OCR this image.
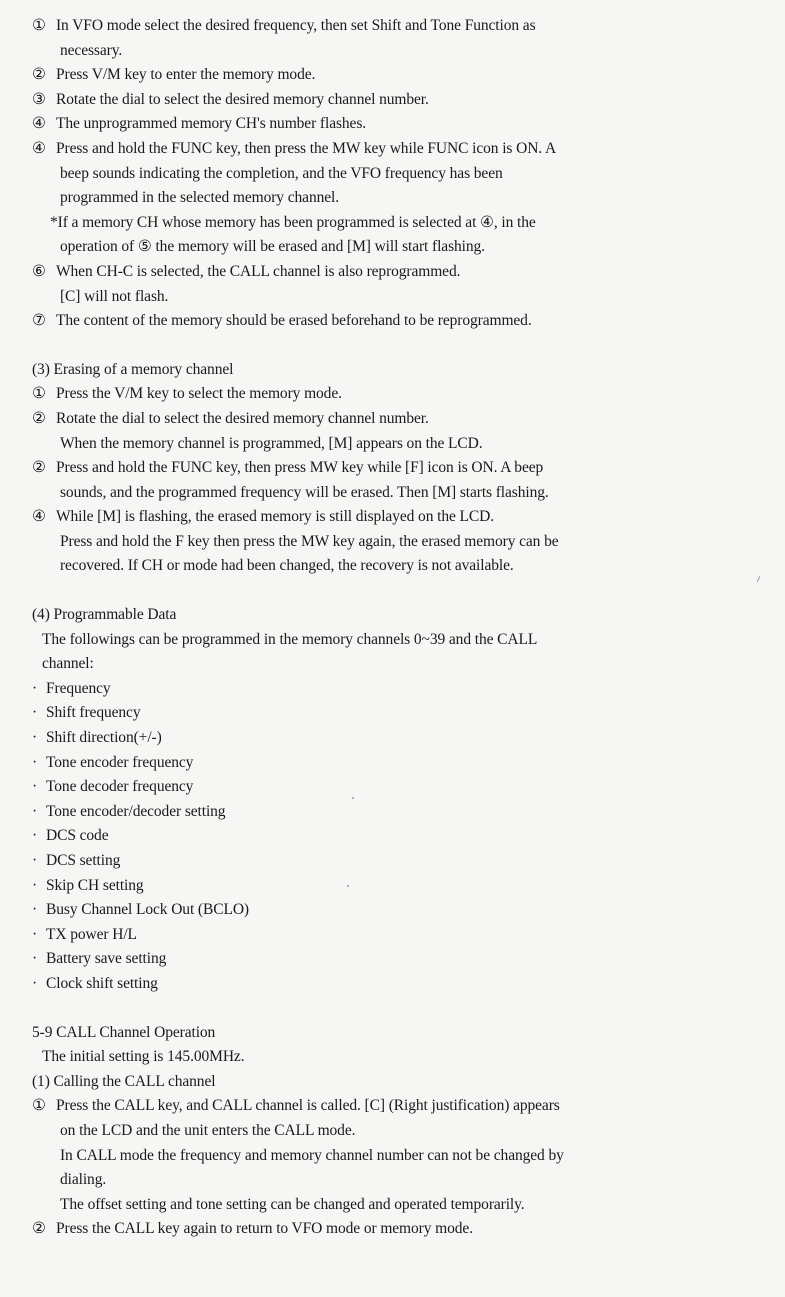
① In VFO mode select the desired frequency, then set Shift and Tone Function as
necessary.
② Press V/M key to enter the memory mode.
③ Rotate the dial to select the desired memory channel number.
④ The unprogrammed memory CH's number flashes.
④ Press and hold the FUNC key, then press the MW key while FUNC icon is ON. A
beep sounds indicating the completion, and the VFO frequency has been
programmed in the selected memory channel.
*If a memory CH whose memory has been programmed is selected at ④, in the
operation of ⑤ the memory will be erased and [M] will start flashing.
⑥ When CH-C is selected, the CALL channel is also reprogrammed.
[C] will not flash.
⑦ The content of the memory should be erased beforehand to be reprogrammed.
(3) Erasing of a memory channel
① Press the V/M key to select the memory mode.
② Rotate the dial to select the desired memory channel number.
When the memory channel is programmed, [M] appears on the LCD.
② Press and hold the FUNC key, then press MW key while [F] icon is ON. A beep
sounds, and the programmed frequency will be erased. Then [M] starts flashing.
④ While [M] is flashing, the erased memory is still displayed on the LCD.
Press and hold the F key then press the MW key again, the erased memory can be
recovered. If CH or mode had been changed, the recovery is not available.
(4) Programmable Data
The followings can be programmed in the memory channels 0~39 and the CALL
channel:
· Frequency
· Shift frequency
· Shift direction(+/-)
· Tone encoder frequency
· Tone decoder frequency
· Tone encoder/decoder setting
· DCS code
· DCS setting
· Skip CH setting
· Busy Channel Lock Out (BCLO)
· TX power H/L
· Battery save setting
· Clock shift setting
5-9 CALL Channel Operation
The initial setting is 145.00MHz.
(1) Calling the CALL channel
① Press the CALL key, and CALL channel is called. [C] (Right justification) appears
on the LCD and the unit enters the CALL mode.
In CALL mode the frequency and memory channel number can not be changed by
dialing.
The offset setting and tone setting can be changed and operated temporarily.
② Press the CALL key again to return to VFO mode or memory mode.
